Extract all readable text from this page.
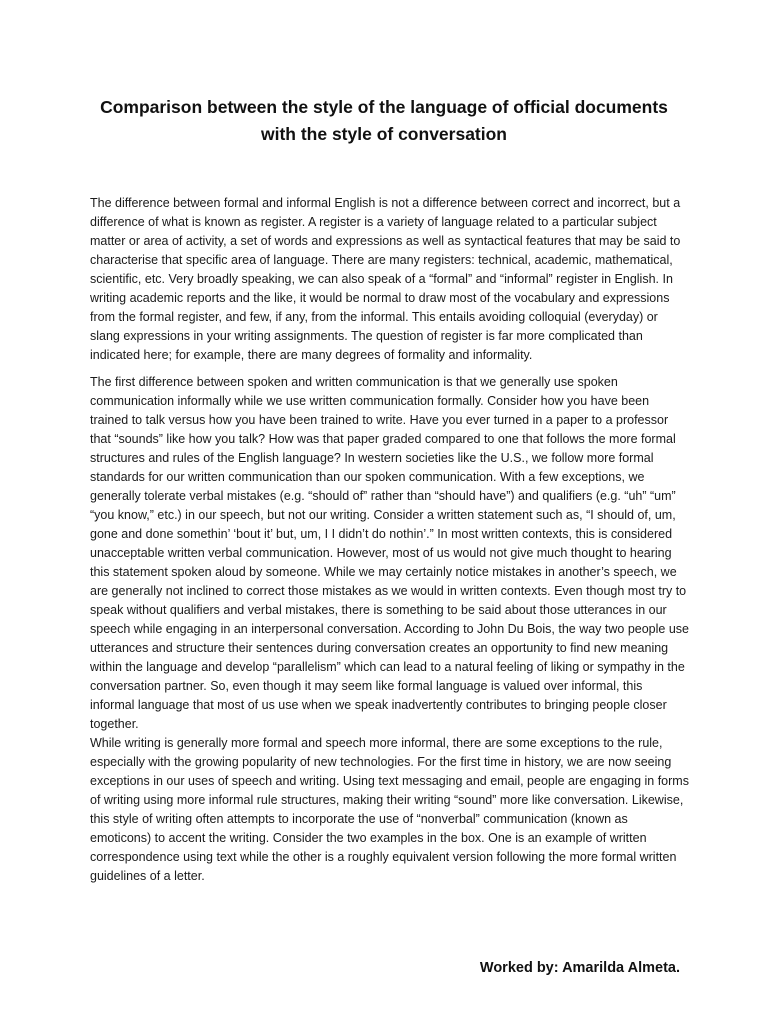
Comparison between the style of the language of official documents
with the style of conversation

The difference between formal and informal English is not a difference between correct and incorrect, but a difference of what is known as register. A register is a variety of language related to a particular subject matter or area of activity, a set of words and expressions as well as syntactical features that may be said to characterise that specific area of language. There are many registers: technical, academic, mathematical, scientific, etc. Very broadly speaking, we can also speak of a “formal” and “informal” register in English. In writing academic reports and the like, it would be normal to draw most of the vocabulary and expressions from the formal register, and few, if any, from the informal. This entails avoiding colloquial (everyday) or slang expressions in your writing assignments. The question of register is far more complicated than indicated here; for example, there are many degrees of formality and informality.

The first difference between spoken and written communication is that we generally use spoken communication informally while we use written communication formally. Consider how you have been trained to talk versus how you have been trained to write. Have you ever turned in a paper to a professor that “sounds” like how you talk? How was that paper graded compared to one that follows the more formal structures and rules of the English language? In western societies like the U.S., we follow more formal standards for our written communication than our spoken communication. With a few exceptions, we generally tolerate verbal mistakes (e.g. “should of” rather than “should have”) and qualifiers (e.g. “uh” “um” “you know,” etc.) in our speech, but not our writing. Consider a written statement such as, “I should of, um, gone and done somethin’ ‘bout it’ but, um, I I didn’t do nothin’.” In most written contexts, this is considered unacceptable written verbal communication. However, most of us would not give much thought to hearing this statement spoken aloud by someone. While we may certainly notice mistakes in another’s speech, we are generally not inclined to correct those mistakes as we would in written contexts. Even though most try to speak without qualifiers and verbal mistakes, there is something to be said about those utterances in our speech while engaging in an interpersonal conversation. According to John Du Bois, the way two people use utterances and structure their sentences during conversation creates an opportunity to find new meaning within the language and develop “parallelism” which can lead to a natural feeling of liking or sympathy in the conversation partner. So, even though it may seem like formal language is valued over informal, this informal language that most of us use when we speak inadvertently contributes to bringing people closer together.

While writing is generally more formal and speech more informal, there are some exceptions to the rule, especially with the growing popularity of new technologies. For the first time in history, we are now seeing exceptions in our uses of speech and writing. Using text messaging and email, people are engaging in forms of writing using more informal rule structures, making their writing “sound” more like conversation. Likewise, this style of writing often attempts to incorporate the use of “nonverbal” communication (known as emoticons) to accent the writing. Consider the two examples in the box. One is an example of written correspondence using text while the other is a roughly equivalent version following the more formal written guidelines of a letter.

Worked by: Amarilda Almeta.
